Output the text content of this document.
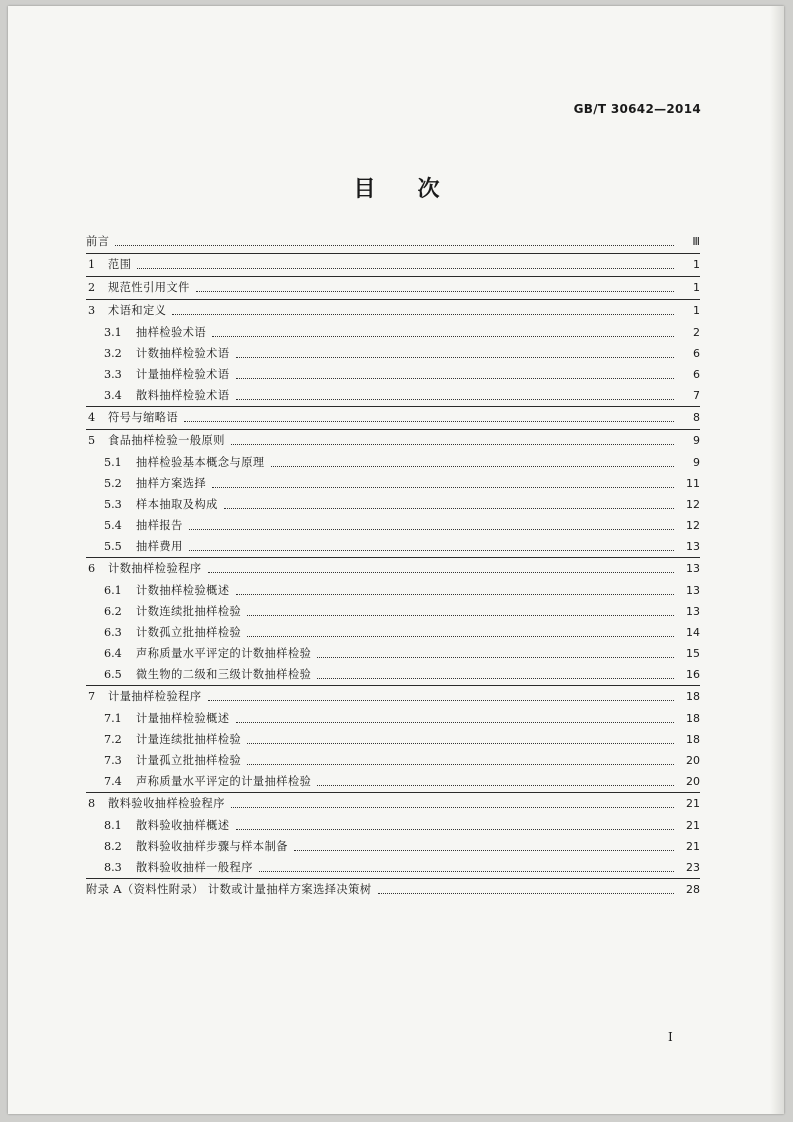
GB/T 30642—2014
目次
前言	Ⅲ
1	范围	1
2	规范性引用文件	1
3	术语和定义	1
3.1	抽样检验术语	2
3.2	计数抽样检验术语	6
3.3	计量抽样检验术语	6
3.4	散料抽样检验术语	7
4	符号与缩略语	8
5	食品抽样检验一般原则	9
5.1	抽样检验基本概念与原理	9
5.2	抽样方案选择	11
5.3	样本抽取及构成	12
5.4	抽样报告	12
5.5	抽样费用	13
6	计数抽样检验程序	13
6.1	计数抽样检验概述	13
6.2	计数连续批抽样检验	13
6.3	计数孤立批抽样检验	14
6.4	声称质量水平评定的计数抽样检验	15
6.5	微生物的二级和三级计数抽样检验	16
7	计量抽样检验程序	18
7.1	计量抽样检验概述	18
7.2	计量连续批抽样检验	18
7.3	计量孤立批抽样检验	20
7.4	声称质量水平评定的计量抽样检验	20
8	散料验收抽样检验程序	21
8.1	散料验收抽样概述	21
8.2	散料验收抽样步骤与样本制备	21
8.3	散料验收抽样一般程序	23
附录 A（资料性附录） 计数或计量抽样方案选择决策树	28
I
